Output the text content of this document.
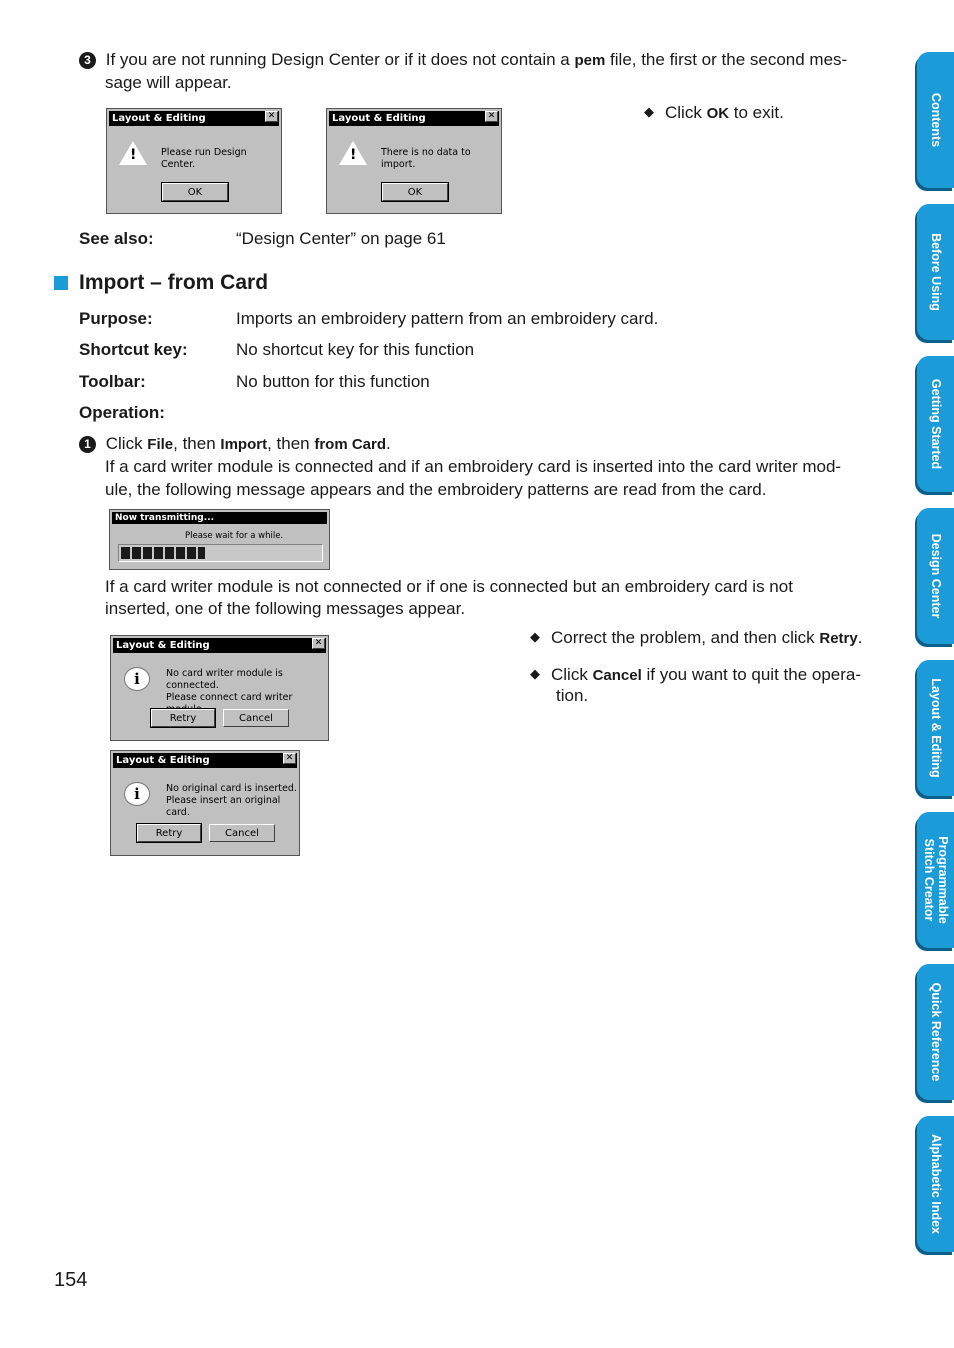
3 If you are not running Design Center or if it does not contain a pem file, the first or the second mes-
sage will appear.
Layout & Editing	✕
!	Please run Design Center.
OK
Layout & Editing	✕
!	There is no data to import.
OK
◆ Click OK to exit.
See also:	“Design Center” on page 61
Import – from Card
Purpose:	Imports an embroidery pattern from an embroidery card.
Shortcut key:	No shortcut key for this function
Toolbar:	No button for this function
Operation:
1 Click File, then Import, then from Card.
If a card writer module is connected and if an embroidery card is inserted into the card writer mod-
ule, the following message appears and the embroidery patterns are read from the card.
Now transmitting...
Please wait for a while.
If a card writer module is not connected or if one is connected but an embroidery card is not
inserted, one of the following messages appear.
Layout & Editing	✕
i	No card writer module is connected.
Please connect card writer
Retry	Cancel
Layout & Editing	✕
i	No original card is inserted.
Please insert an original card.
Retry	Cancel
◆ Correct the problem, and then click Retry.
◆ Click Cancel if you want to quit the opera-
tion.
154
Contents
Before Using
Getting Started
Design Center
Layout & Editing
Programmable
Stitch Creator
Quick Reference
Alphabetic Index
